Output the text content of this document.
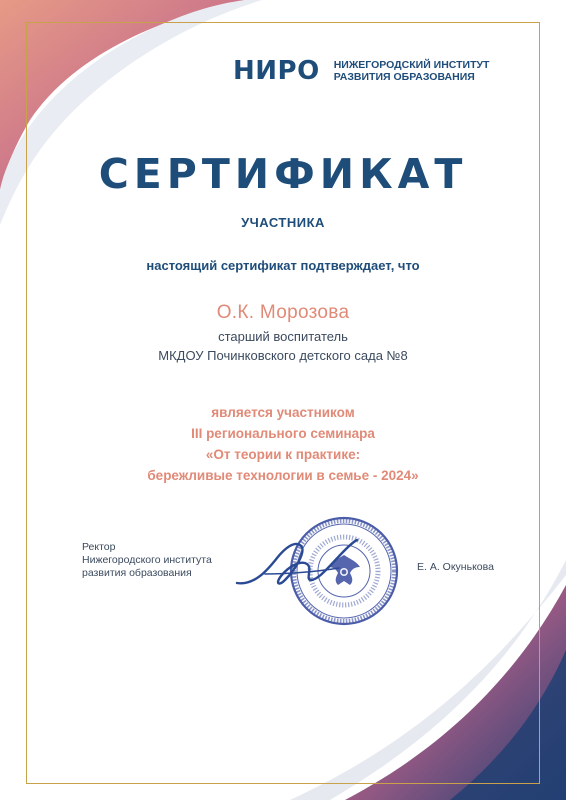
НИРО НИЖЕГОРОДСКИЙ ИНСТИТУТ
РАЗВИТИЯ ОБРАЗОВАНИЯ
СЕРТИФИКАТ
УЧАСТНИКА
настоящий сертификат подтверждает, что
О.К. Морозова
старший воспитатель
МКДОУ Починковского детского сада №8
является участником
III регионального семинара
«От теории к практике:
бережливые технологии в семье - 2024»
Ректор
Нижегородского института
развития образования	Е. А. Окунькова
